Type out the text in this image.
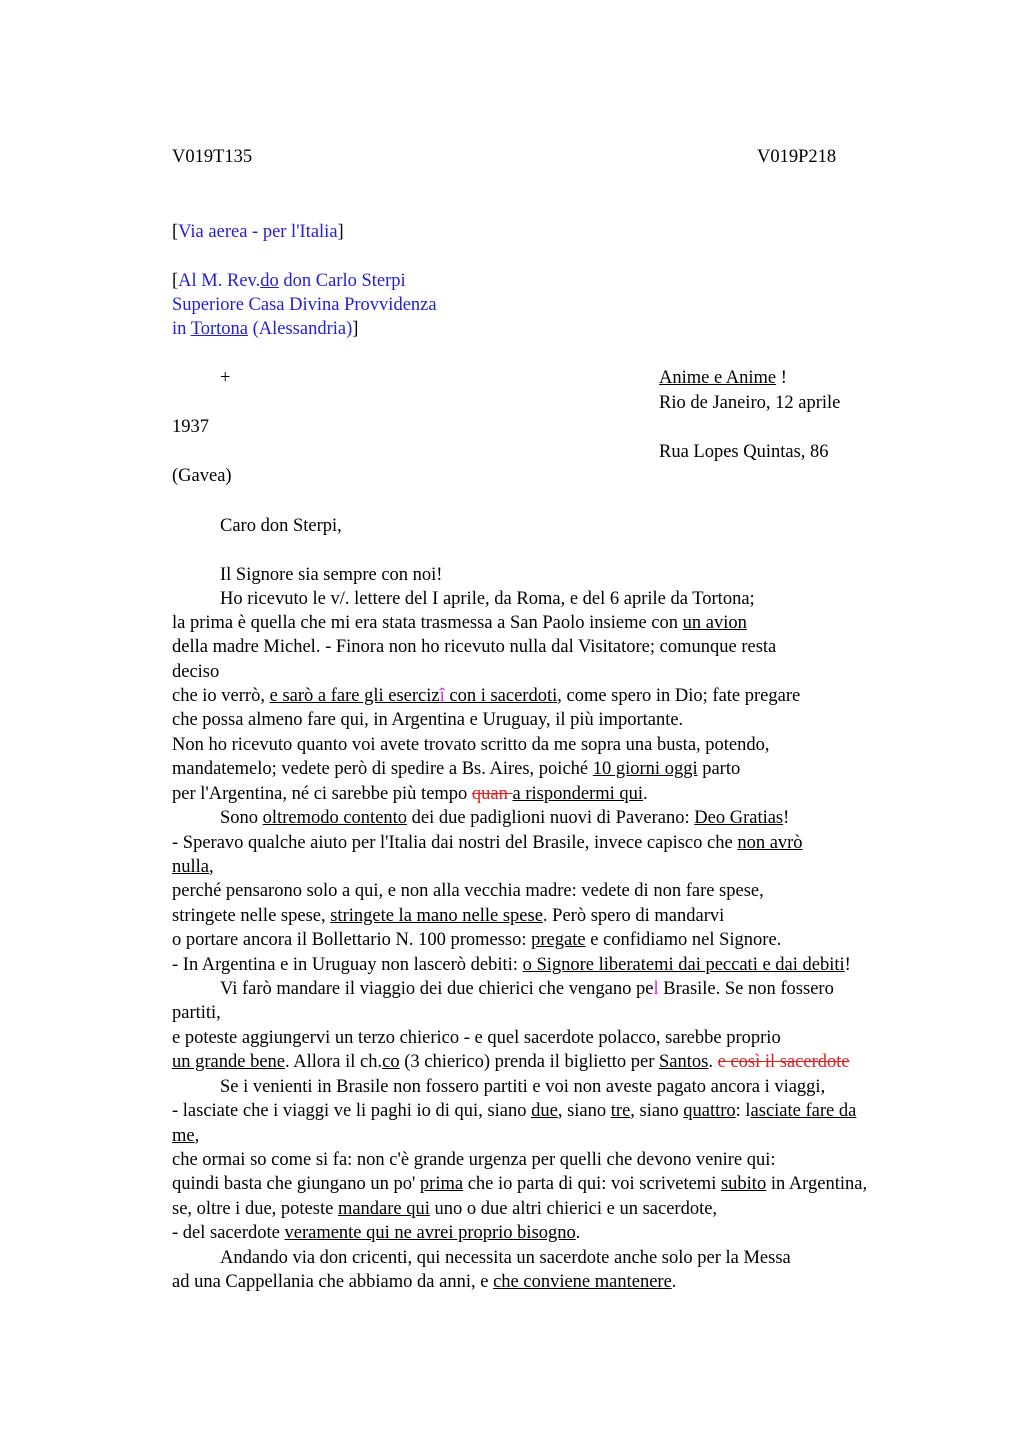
V019T135	V019P218
[Via aerea - per l'Italia]
[Al M. Rev.do don Carlo Sterpi
Superiore Casa Divina Provvidenza
in Tortona (Alessandria)]
+	Anime e Anime !
Rio de Janeiro, 12 aprile
1937
Rua Lopes Quintas, 86
(Gavea)
Caro don Sterpi,
Il Signore sia sempre con noi!
Ho ricevuto le v/. lettere del I aprile, da Roma, e del 6 aprile da Tortona;
la prima è quella che mi era stata trasmessa a San Paolo insieme con un avion
della madre Michel. - Finora non ho ricevuto nulla dal Visitatore; comunque resta
deciso
che io verrò, e sarò a fare gli esercizî con i sacerdoti, come spero in Dio; fate pregare
che possa almeno fare qui, in Argentina e Uruguay, il più importante.
Non ho ricevuto quanto voi avete trovato scritto da me sopra una busta, potendo,
mandatemelo; vedete però di spedire a Bs. Aires, poiché 10 giorni oggi parto
per l'Argentina, né ci sarebbe più tempo quan a rispondermi qui.
Sono oltremodo contento dei due padiglioni nuovi di Paverano: Deo Gratias!
- Speravo qualche aiuto per l'Italia dai nostri del Brasile, invece capisco che non avrò
nulla,
perché pensarono solo a qui, e non alla vecchia madre: vedete di non fare spese,
stringete nelle spese, stringete la mano nelle spese. Però spero di mandarvi
o portare ancora il Bollettario N. 100 promesso: pregate e confidiamo nel Signore.
- In Argentina e in Uruguay non lascerò debiti: o Signore liberatemi dai peccati e dai debiti!
Vi farò mandare il viaggio dei due chierici che vengano pel Brasile. Se non fossero
partiti,
e poteste aggiungervi un terzo chierico - e quel sacerdote polacco, sarebbe proprio
un grande bene. Allora il ch.co (3 chierico) prenda il biglietto per Santos. e così il sacerdote
Se i venienti in Brasile non fossero partiti e voi non aveste pagato ancora i viaggi,
- lasciate che i viaggi ve li paghi io di qui, siano due, siano tre, siano quattro: lasciate fare da
me,
che ormai so come si fa: non c'è grande urgenza per quelli che devono venire qui:
quindi basta che giungano un po' prima che io parta di qui: voi scrivetemi subito in Argentina,
se, oltre i due, poteste mandare qui uno o due altri chierici e un sacerdote,
- del sacerdote veramente qui ne avrei proprio bisogno.
Andando via don cricenti, qui necessita un sacerdote anche solo per la Messa
ad una Cappellania che abbiamo da anni, e che conviene mantenere.
